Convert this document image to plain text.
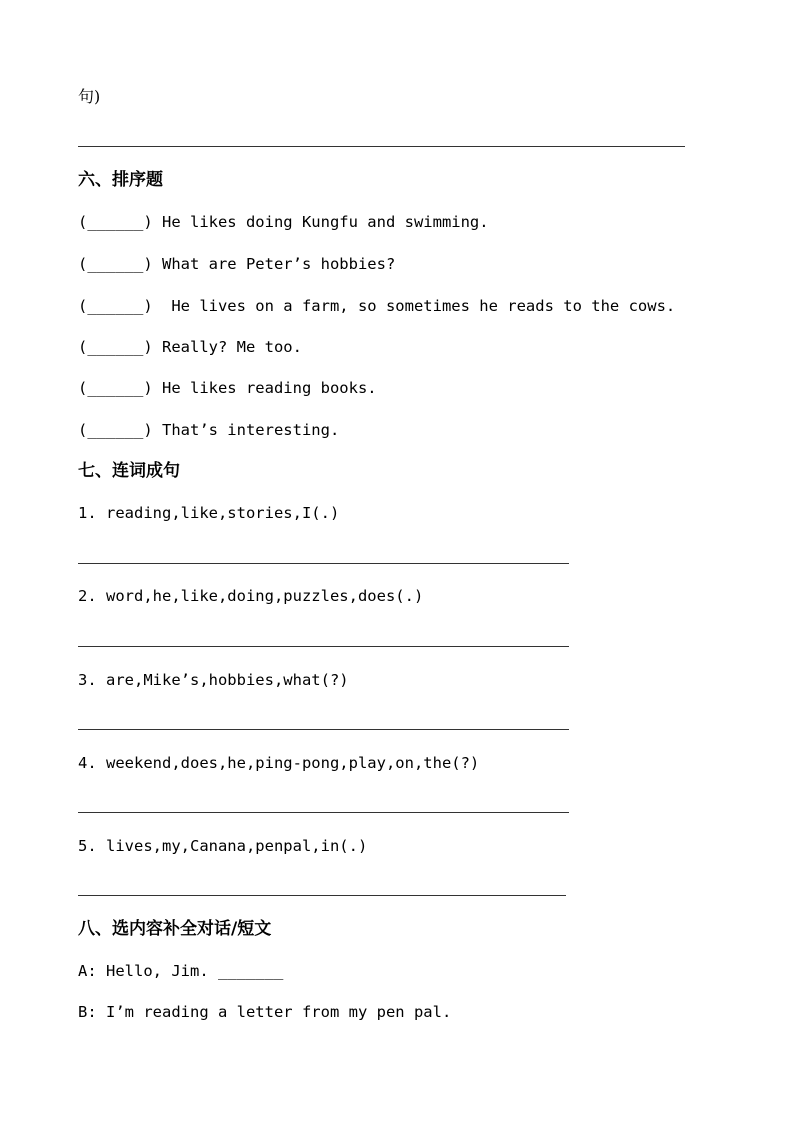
句)
六、排序题
(______) He likes doing Kungfu and swimming.
(______) What are Peter’s hobbies?
(______)  He lives on a farm, so sometimes he reads to the cows.
(______) Really? Me too.
(______) He likes reading books.
(______) That’s interesting.
七、连词成句
1. reading,like,stories,I(.)
2. word,he,like,doing,puzzles,does(.)
3. are,Mike’s,hobbies,what(?)
4. weekend,does,he,ping-pong,play,on,the(?)
5. lives,my,Canana,penpal,in(.)
八、选内容补全对话/短文
A: Hello, Jim. _______
B: I’m reading a letter from my pen pal.
